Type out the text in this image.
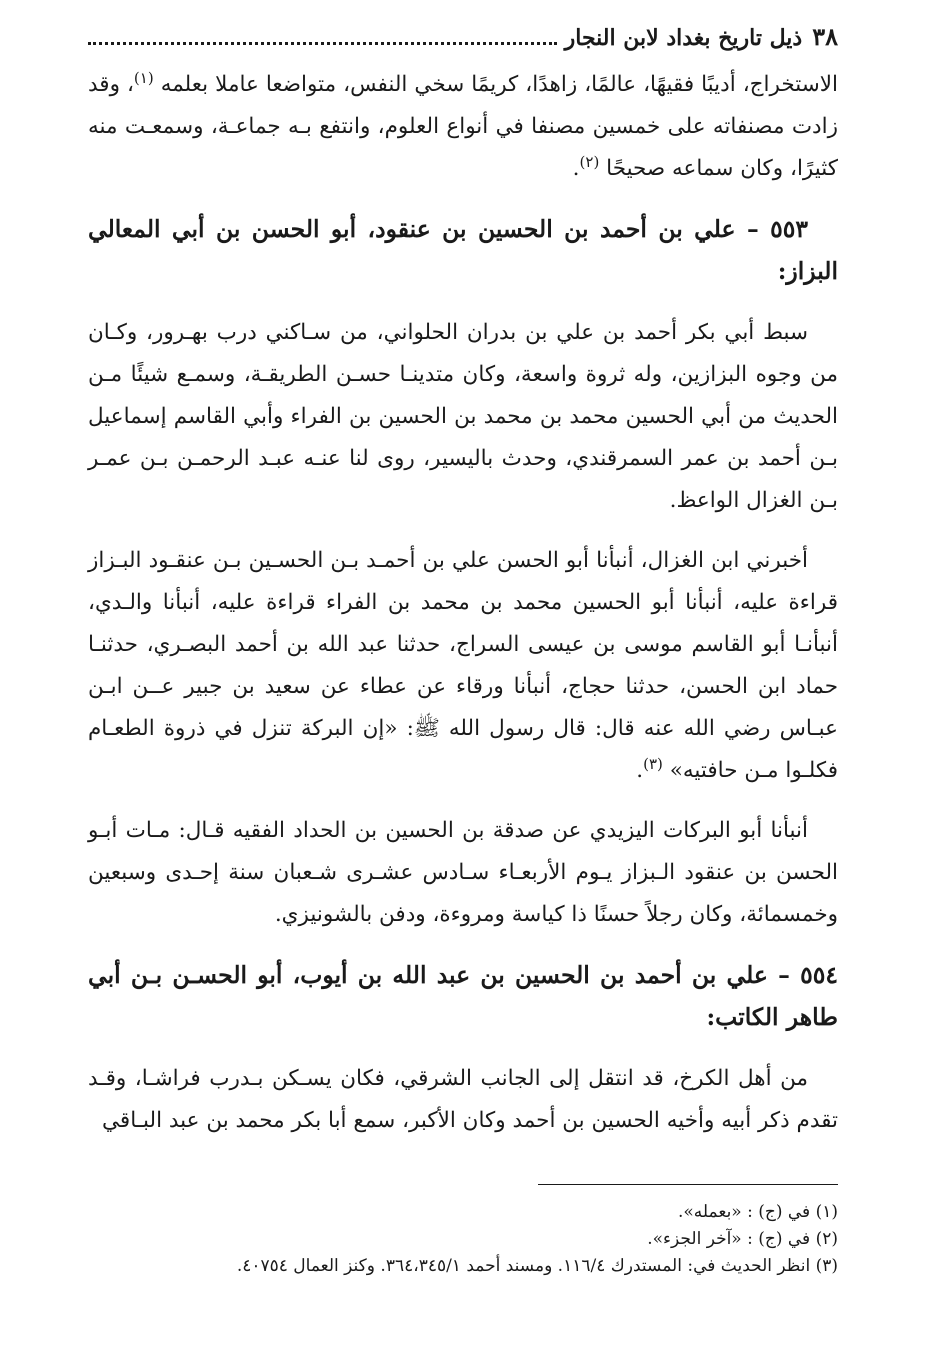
٣٨
ذيل تاريخ بغداد لابن النجار

الاستخراج، أديبًا فقيهًا، عالمًا، زاهدًا، كريمًا سخي النفس، متواضعا عاملا بعلمه $^{(١)}$، وقد زادت مصنفاته على خمسين مصنفا في أنواع العلوم، وانتفع بـه جماعـة، وسمعـت منه كثيرًا، وكان سماعه صحيحًا $^{(٢)}$.

٥٥٣ – علي بن أحمد بن الحسين بن عنقود، أبو الحسن بن أبي المعالي البزاز:

سبط أبي بكر أحمد بن علي بن بدران الحلواني، من سـاكني درب بهـرور، وكـان من وجوه البزازين، وله ثروة واسعة، وكان متدينـا حسـن الطريقـة، وسمـع شيئًا مـن الحديث من أبي الحسين محمد بن محمد بن الحسين بن الفراء وأبي القاسم إسماعيل بـن أحمد بن عمر السمرقندي، وحدث باليسير، روى لنا عنـه عبـد الرحمـن بـن عمـر بـن الغزال الواعظ.

أخبرني ابن الغزال، أنبأنا أبو الحسن علي بن أحمـد بـن الحسـين بـن عنقـود البـزاز قراءة عليه، أنبأنا أبو الحسين محمد بن محمد بن الفراء قراءة عليه، أنبأنا والـدي، أنبأنـا أبو القاسم موسى بن عيسى السراج، حدثنا عبد الله بن أحمد البصـري، حدثنـا حماد ابن الحسن، حدثنا حجاج، أنبأنا ورقاء عن عطاء عن سعيد بن جبير عــن ابـن عبـاس رضي الله عنه قال: قال رسول الله ﷺ: «إن البركة تنزل في ذروة الطعـام فكلـوا مـن حافتيه» $^{(٣)}$.

أنبأنا أبو البركات اليزيدي عن صدقة بن الحسين بن الحداد الفقيه قـال: مـات أبـو الحسن بن عنقود الـبزاز يـوم الأربعـاء سـادس عشـرى شـعبان سنة إحـدى وسبعين وخمسمائة، وكان رجلاً حسنًا ذا كياسة ومروءة، ودفن بالشونيزي.

٥٥٤ – علي بن أحمد بن الحسين بن عبد الله بن أيوب، أبو الحسـن بـن أبي طاهر الكاتب:

من أهل الكرخ، قد انتقل إلى الجانب الشرقي، فكان يسـكن بـدرب فراشـا، وقـد تقدم ذكر أبيه وأخيه الحسين بن أحمد وكان الأكبر، سمع أبا بكر محمد بن عبد البـاقي

(١) في (ج) : «بعمله».

(٢) في (ج) : «آخر الجزء».

(٣) انظر الحديث في: المستدرك ١١٦/٤. ومسند أحمد ٣٦٤،٣٤٥/١. وكنز العمال ٤٠٧٥٤.
